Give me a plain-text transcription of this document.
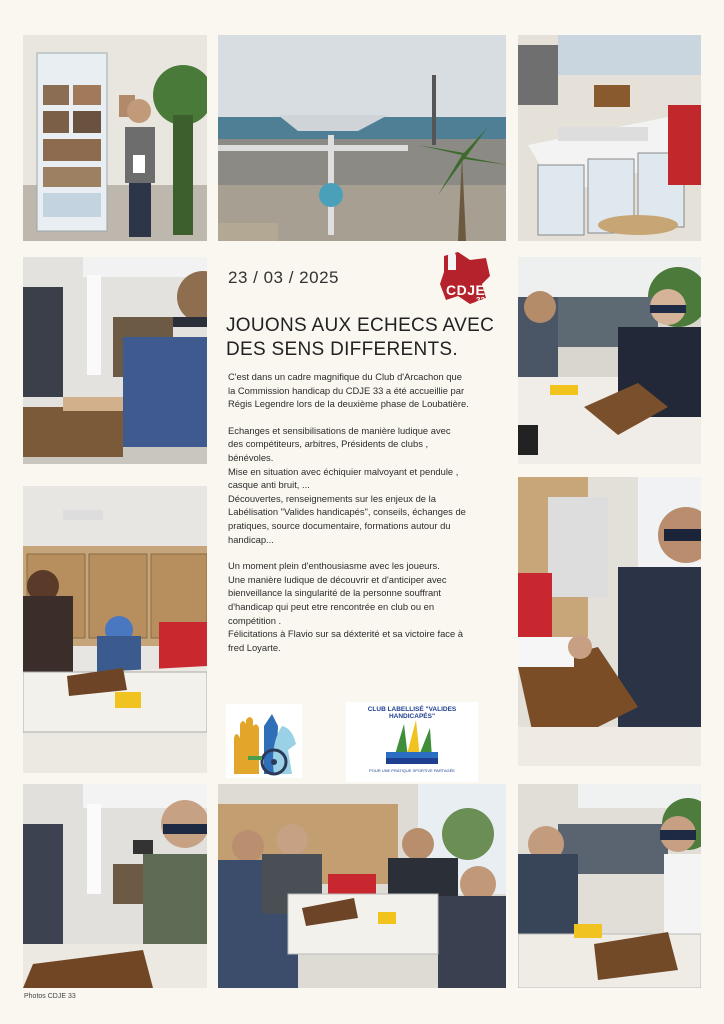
23 / 03 / 2025
CDJE
33
JOUONS AUX ECHECS AVEC
DES SENS DIFFERENTS.

C'est dans un cadre magnifique du Club d'Arcachon que
la Commission handicap du CDJE 33 a été accueillie par
Régis Legendre lors de la deuxième phase de Loubatière.

Echanges et sensibilisations de manière ludique avec
des compétiteurs, arbitres, Présidents de clubs ,
bénévoles.
Mise en situation avec échiquier malvoyant et pendule ,
casque anti bruit, ...
Découvertes, renseignements sur les enjeux de la
Labélisation "Valides handicapés", conseils, échanges de
pratiques, source documentaire, formations autour du
handicap...

Un moment plein d'enthousiasme avec les joueurs.
Une manière ludique de découvrir et d'anticiper avec
bienveillance la singularité de la personne souffrant
d'handicap qui peut etre rencontrée en club ou en
compétition .
Félicitations à Flavio sur sa déxterité et sa victoire face à
fred Loyarte.

CLUB LABELLISÉ "VALIDES HANDICAPÉS"
POUR UNE PRATIQUE SPORTIVE PARTAGÉE
Photos CDJE 33
